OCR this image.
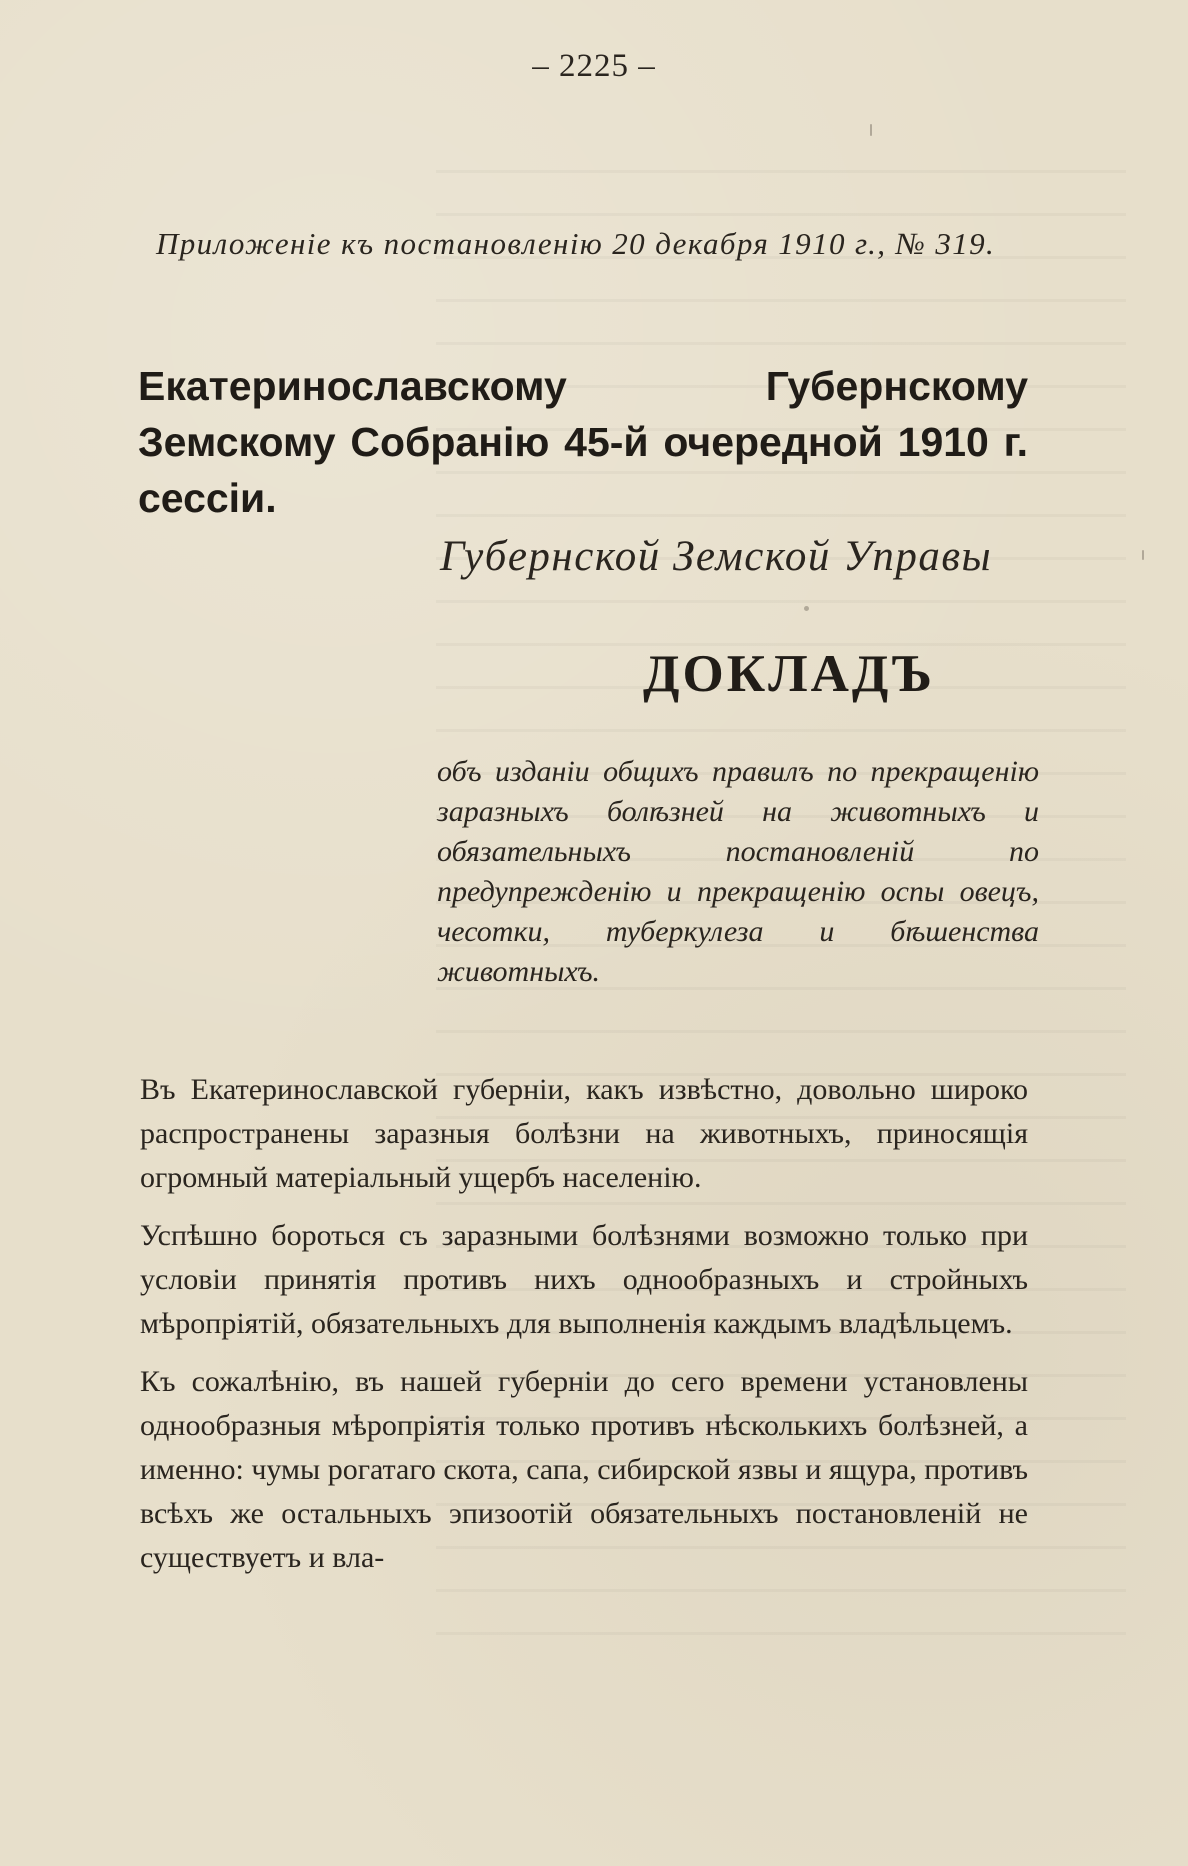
– 2225 –
Приложеніе къ постановленію 20 декабря 1910 г., № 319.
Екатеринославскому Губернскому Земскому Собранію 45-й очередной 1910 г. сессіи.
Губернской Земской Управы
ДОКЛАДЪ
объ изданіи общихъ правилъ по прекращенію заразныхъ болѣзней на животныхъ и обязательныхъ постановленій по предупрежденію и прекращенію оспы овецъ, чесотки, туберкулеза и бѣшенства животныхъ.

Въ Екатеринославской губерніи, какъ извѣстно, довольно широко распространены заразныя болѣзни на животныхъ, приносящія огромный матеріальный ущербъ населенію.

Успѣшно бороться съ заразными болѣзнями возможно только при условіи принятія противъ нихъ однообразныхъ и стройныхъ мѣропріятій, обязательныхъ для выполненія каждымъ владѣльцемъ.

Къ сожалѣнію, въ нашей губерніи до сего времени установлены однообразныя мѣропріятія только противъ нѣсколькихъ болѣзней, а именно: чумы рогатаго скота, сапа, сибирской язвы и ящура, противъ всѣхъ же остальныхъ эпизоотій обязательныхъ постановленій не существуетъ и вла-
